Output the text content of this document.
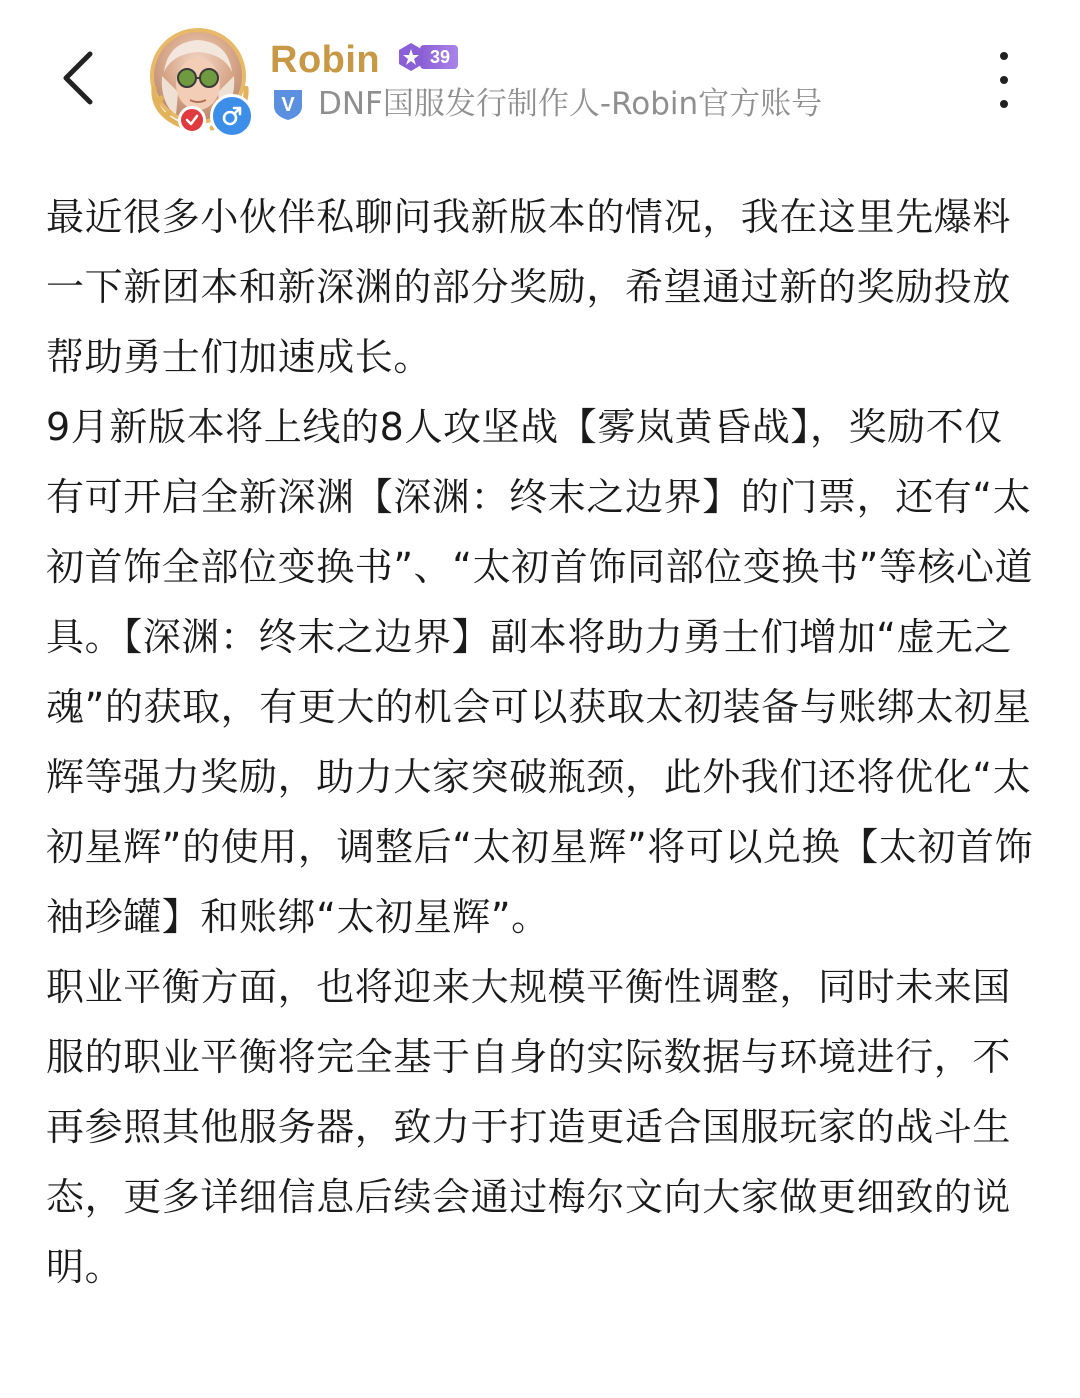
Robin	39
V DNF国服发行制作人-Robin官方账号

最近很多小伙伴私聊问我新版本的情况，我在这里先爆料一下新团本和新深渊的部分奖励，希望通过新的奖励投放帮助勇士们加速成长。

9月新版本将上线的8人攻坚战【雾岚黄昏战】，奖励不仅有可开启全新深渊【深渊：终末之边界】的门票，还有“太初首饰全部位变换书”、“太初首饰同部位变换书”等核心道具。【深渊：终末之边界】副本将助力勇士们增加“虚无之魂”的获取，有更大的机会可以获取太初装备与账绑太初星辉等强力奖励，助力大家突破瓶颈，此外我们还将优化“太初星辉”的使用，调整后“太初星辉”将可以兑换【太初首饰袖珍罐】和账绑“太初星辉”。

职业平衡方面，也将迎来大规模平衡性调整，同时未来国服的职业平衡将完全基于自身的实际数据与环境进行，不再参照其他服务器，致力于打造更适合国服玩家的战斗生态，更多详细信息后续会通过梅尔文向大家做更细致的说明。
